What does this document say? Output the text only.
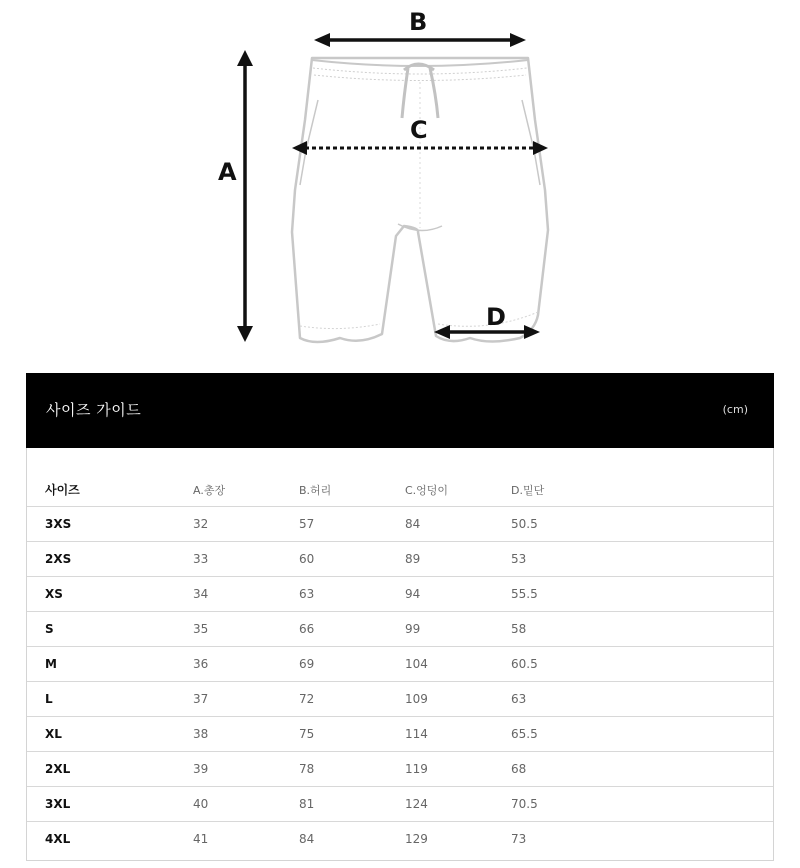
A
B
C
D
사이즈 가이드	(cm)
사이즈	A.총장	B.허리	C.엉덩이	D.밑단
3XS	32	57	84	50.5
2XS	33	60	89	53
XS	34	63	94	55.5
S	35	66	99	58
M	36	69	104	60.5
L	37	72	109	63
XL	38	75	114	65.5
2XL	39	78	119	68
3XL	40	81	124	70.5
4XL	41	84	129	73
